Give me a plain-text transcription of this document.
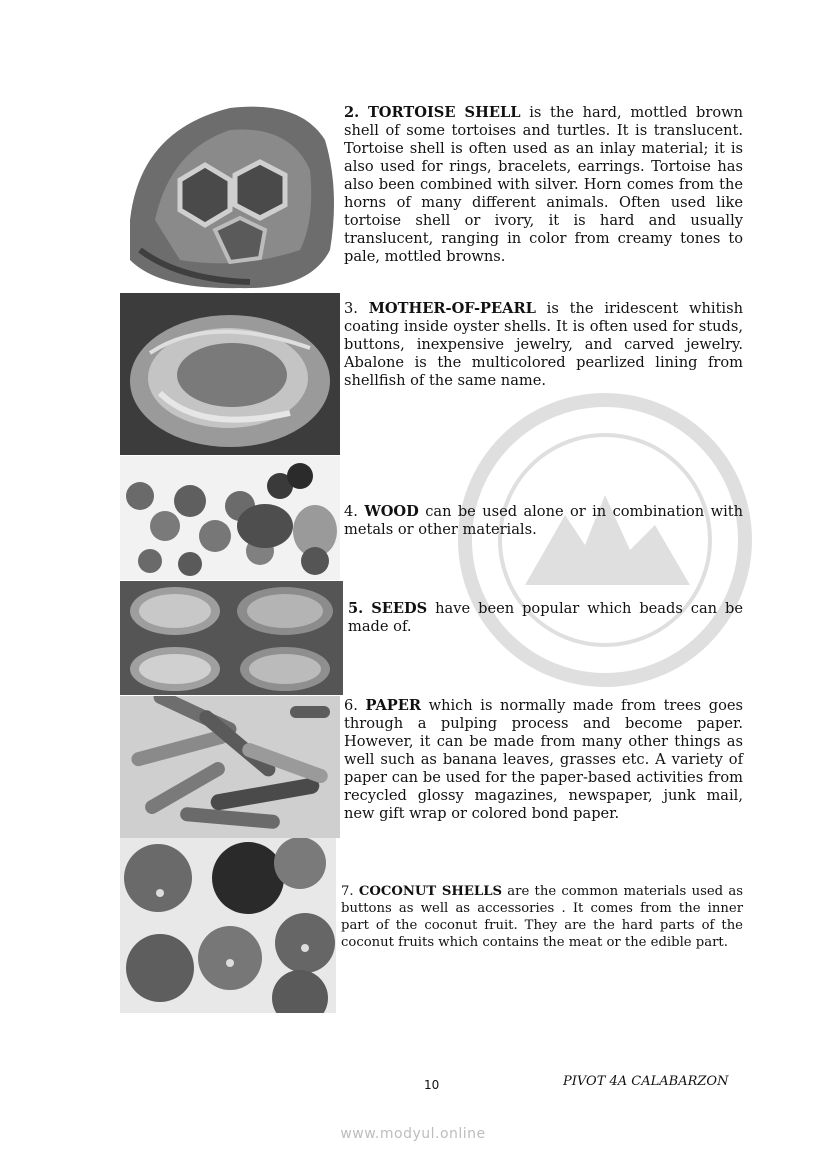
2. TORTOISE SHELL is the hard, mottled brown shell of some tortoises and turtles. It is translucent. Tortoise shell is often used as an inlay material; it is also used for rings, bracelets, earrings. Tortoise has also been combined with silver. Horn comes from the horns of many different animals. Often used like tortoise shell or ivory, it is hard and usually translucent, ranging in color from creamy tones to pale, mottled browns.
3. MOTHER-OF-PEARL is the iridescent whitish coating inside oyster shells. It is often used for studs, buttons, inexpensive jewelry, and carved jewelry. Abalone is the multicolored pearlized lining from shellfish of the same name.
4. WOOD can be used alone or in combination with metals or other materials.
5. SEEDS have been popular which beads can be made of.
6. PAPER which is normally made from trees goes through a pulping process and become paper. However, it can be made from many other things as well such as banana leaves, grasses etc. A variety of paper can be used for the paper-based activities from recycled glossy magazines, newspaper, junk mail, new gift wrap or colored bond paper.
7. COCONUT SHELLS are the common materials used as buttons as well as accessories . It comes from the inner part of the coconut fruit. They are the hard parts of the coconut fruits which contains the meat or the edible part.
10	PIVOT 4A CALABARZON
www.modyul.online
